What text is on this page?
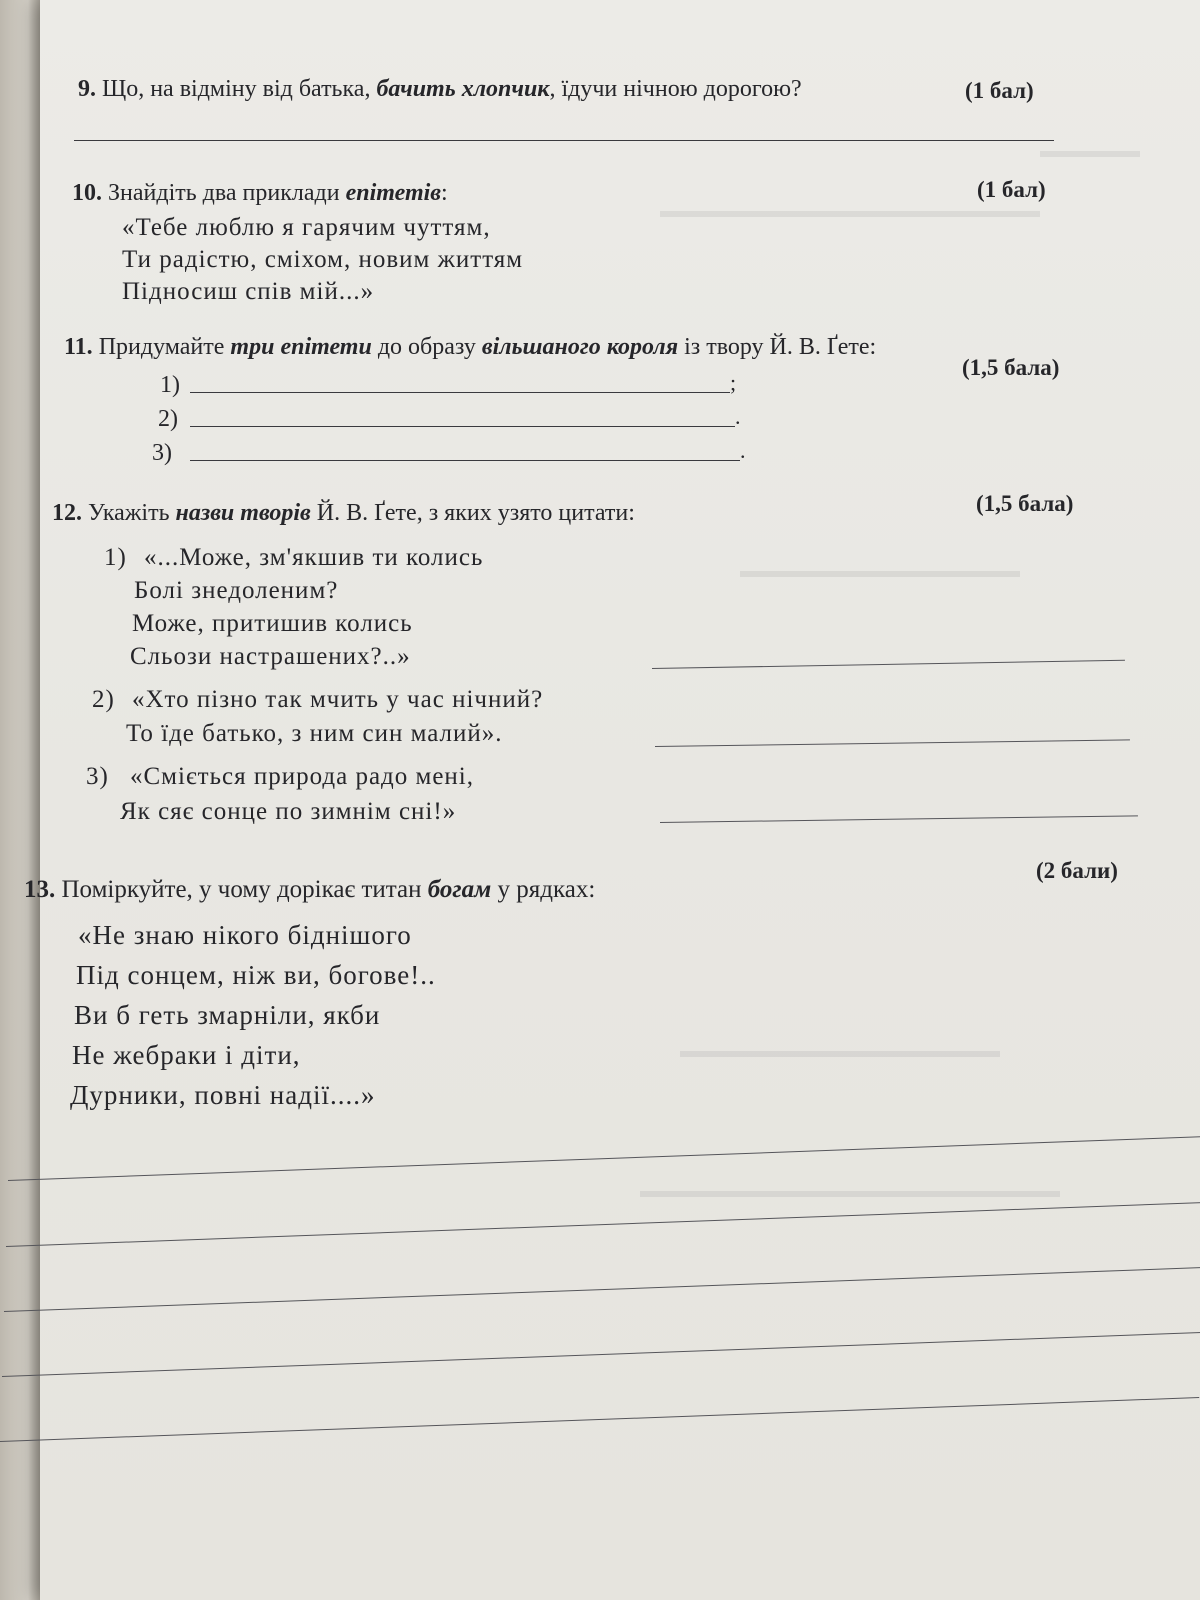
▬▬▬▬▬
▬▬▬▬▬▬▬▬▬▬▬▬▬▬▬▬▬▬▬
▬▬▬▬▬▬▬▬▬▬▬▬▬▬
▬▬▬▬▬▬▬▬▬▬▬▬▬▬▬▬
▬▬▬▬▬▬▬▬▬▬▬▬▬▬▬▬▬▬▬▬▬
9. Що, на відміну від батька, бачить хлопчик, їдучи нічною дорогою?	(1 бал)
10. Знайдіть два приклади епітетів:	(1 бал)
«Тебе люблю я гарячим чуттям,
Ти радістю, сміхом, новим життям
Підносиш спів мій...»
11. Придумайте три епітети до образу вільшаного короля із твору Й. В. Ґете:
(1,5 бала)
1)	;
2)	.
3)	.
12. Укажіть назви творів Й. В. Ґете, з яких узято цитати:	(1,5 бала)
1) «...Може, зм'якшив ти колись
Болі знедоленим?
Може, притишив колись
Сльози настрашених?..»
2) «Хто пізно так мчить у час нічний?
То їде батько, з ним син малий».
3) «Сміється природа радо мені,
Як сяє сонце по зимнім сні!»
13. Поміркуйте, у чому дорікає титан богам у рядках:
(2 бали)
«Не знаю нікого біднішого
Під сонцем, ніж ви, богове!..
Ви б геть змарніли, якби
Не жебраки і діти,
Дурники, повні надії....»
